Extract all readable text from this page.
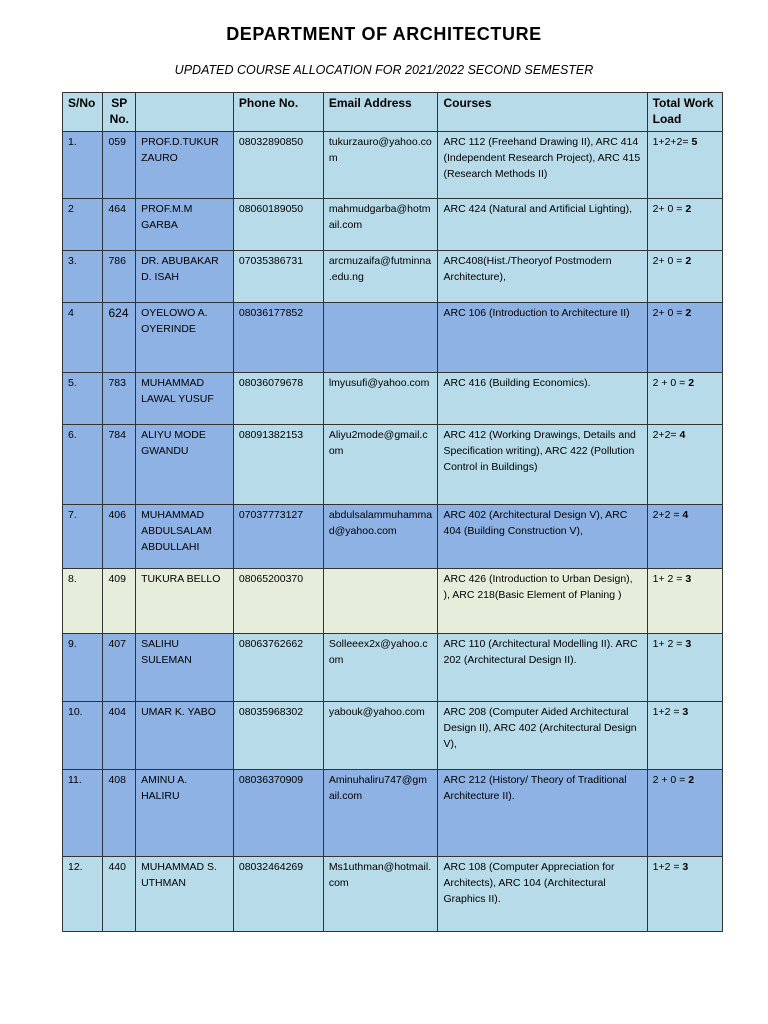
DEPARTMENT OF ARCHITECTURE
UPDATED COURSE ALLOCATION FOR 2021/2022 SECOND SEMESTER
S/No	SP No.		Phone No.	Email Address	Courses	Total Work Load
1.	059	PROF.D.TUKUR ZAURO	08032890850	tukurzauro@yahoo.com	ARC 112 (Freehand Drawing II), ARC 414 (Independent Research Project), ARC 415 (Research Methods II)	1+2+2= 5
2	464	PROF.M.M GARBA	08060189050	mahmudgarba@hotmail.com	ARC 424 (Natural and Artificial Lighting),	2+ 0 = 2
3.	786	DR. ABUBAKAR D. ISAH	07035386731	arcmuzaifa@futminna.edu.ng	ARC408(Hist./Theoryof Postmodern Architecture),	2+ 0 = 2
4	624	OYELOWO A. OYERINDE	08036177852		ARC 106 (Introduction to Architecture II)	2+ 0 = 2
5.	783	MUHAMMAD LAWAL YUSUF	08036079678	lmyusufi@yahoo.com	ARC 416 (Building Economics).	2 + 0 = 2
6.	784	ALIYU MODE GWANDU	08091382153	Aliyu2mode@gmail.com	ARC 412 (Working Drawings, Details and Specification writing), ARC 422 (Pollution Control in Buildings)	2+2= 4
7.	406	MUHAMMAD ABDULSALAM ABDULLAHI	07037773127	abdulsalammuhammad@yahoo.com	ARC 402 (Architectural Design V), ARC 404 (Building Construction V),	2+2 = 4
8.	409	TUKURA BELLO	08065200370		ARC 426 (Introduction to Urban Design), ), ARC 218(Basic Element of Planing )	1+ 2 = 3
9.	407	SALIHU SULEMAN	08063762662	Solleeex2x@yahoo.com	ARC 110 (Architectural Modelling II). ARC 202 (Architectural Design II).	1+ 2 = 3
10.	404	UMAR K. YABO	08035968302	yabouk@yahoo.com	ARC 208 (Computer Aided Architectural Design II), ARC 402 (Architectural Design V),	1+2 = 3
11.	408	AMINU A. HALIRU	08036370909	Aminuhaliru747@gmail.com	ARC 212 (History/ Theory of Traditional Architecture II).	2 + 0 = 2
12.	440	MUHAMMAD S. UTHMAN	08032464269	Ms1uthman@hotmail.com	ARC 108 (Computer Appreciation for Architects), ARC 104 (Architectural Graphics II).	1+2 = 3
